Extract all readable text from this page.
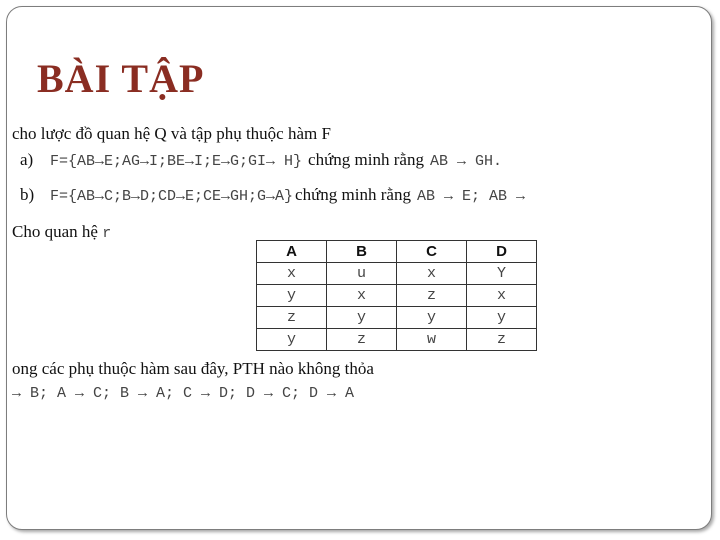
BÀI TẬP
cho lược đồ quan hệ Q và tập phụ thuộc hàm F
a) F={AB→E;AG→I;BE→I;E→G;GI→ H} chứng minh rằng AB → GH.
b) F={AB→C;B→D;CD→E;CE→GH;G→A} chứng minh rằng AB → E; AB →
Cho quan hệ r
A	B	C	D
x	u	x	Y
y	x	z	x
z	y	y	y
y	z	w	z
ong các phụ thuộc hàm sau đây, PTH nào không thỏa
→ B; A → C; B → A; C → D; D → C; D → A
